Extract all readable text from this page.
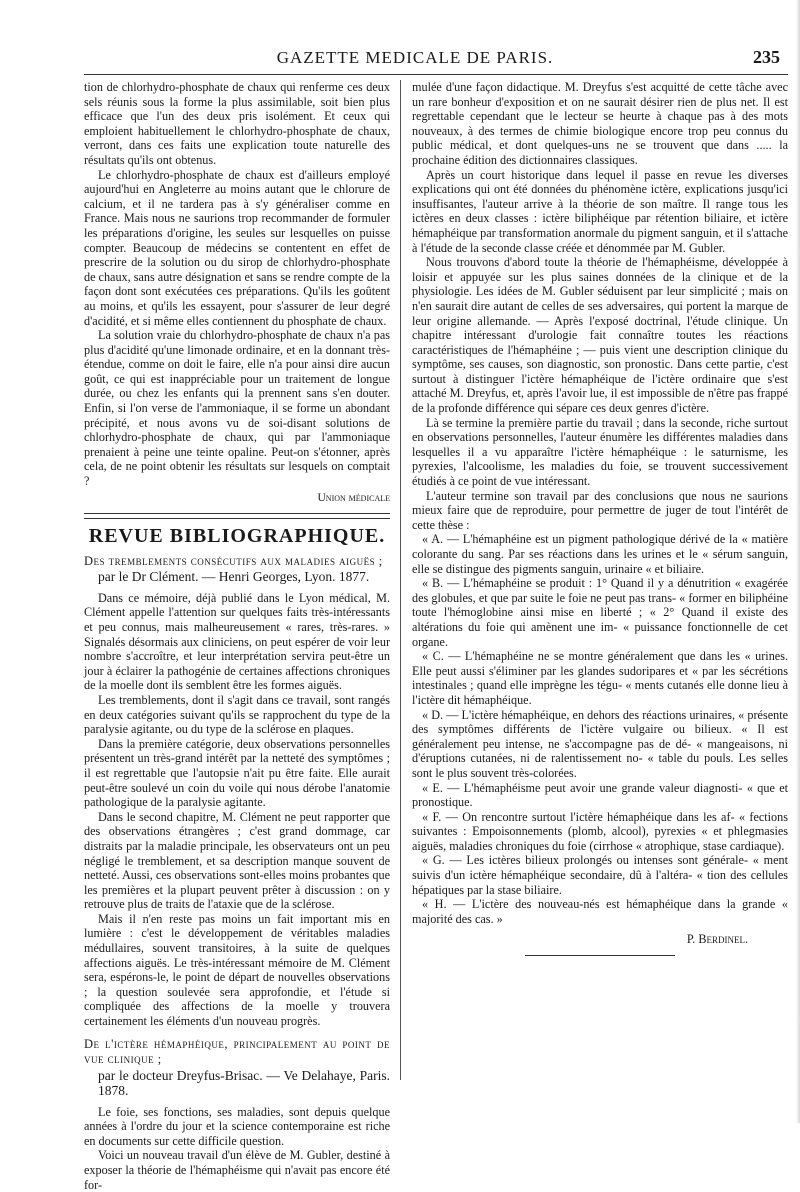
GAZETTE MEDICALE DE PARIS.	235

tion de chlorhydro-phosphate de chaux qui renferme ces deux sels réunis sous la forme la plus assimilable, soit bien plus efficace que l'un des deux pris isolément. Et ceux qui emploient habituellement le chlorhydro-phosphate de chaux, verront, dans ces faits une explication toute naturelle des résultats qu'ils ont obtenus.

Le chlorhydro-phosphate de chaux est d'ailleurs employé aujourd'hui en Angleterre au moins autant que le chlorure de calcium, et il ne tardera pas à s'y généraliser comme en France. Mais nous ne saurions trop recommander de formuler les préparations d'origine, les seules sur lesquelles on puisse compter. Beaucoup de médecins se contentent en effet de prescrire de la solution ou du sirop de chlorhydro-phosphate de chaux, sans autre désignation et sans se rendre compte de la façon dont sont exécutées ces préparations. Qu'ils les goûtent au moins, et qu'ils les essayent, pour s'assurer de leur degré d'acidité, et si même elles contiennent du phosphate de chaux.

La solution vraie du chlorhydro-phosphate de chaux n'a pas plus d'acidité qu'une limonade ordinaire, et en la donnant très-étendue, comme on doit le faire, elle n'a pour ainsi dire aucun goût, ce qui est inappréciable pour un traitement de longue durée, ou chez les enfants qui la prennent sans s'en douter. Enfin, si l'on verse de l'ammoniaque, il se forme un abondant précipité, et nous avons vu de soi-disant solutions de chlorhydro-phosphate de chaux, qui par l'ammoniaque prenaient à peine une teinte opaline. Peut-on s'étonner, après cela, de ne point obtenir les résultats sur lesquels on comptait ?

Union médicale
REVUE BIBLIOGRAPHIQUE.

Des tremblements consécutifs aux maladies aiguës ;
par le Dr Clément. — Henri Georges, Lyon. 1877.

Dans ce mémoire, déjà publié dans le Lyon médical, M. Clément appelle l'attention sur quelques faits très-intéressants et peu connus, mais malheureusement « rares, très-rares. » Signalés désormais aux cliniciens, on peut espérer de voir leur nombre s'accroître, et leur interprétation servira peut-être un jour à éclairer la pathogénie de certaines affections chroniques de la moelle dont ils semblent être les formes aiguës.

Les tremblements, dont il s'agit dans ce travail, sont rangés en deux catégories suivant qu'ils se rapprochent du type de la paralysie agitante, ou du type de la sclérose en plaques.

Dans la première catégorie, deux observations personnelles présentent un très-grand intérêt par la netteté des symptômes ; il est regrettable que l'autopsie n'ait pu être faite. Elle aurait peut-être soulevé un coin du voile qui nous dérobe l'anatomie pathologique de la paralysie agitante.

Dans le second chapitre, M. Clément ne peut rapporter que des observations étrangères ; c'est grand dommage, car distraits par la maladie principale, les observateurs ont un peu négligé le tremblement, et sa description manque souvent de netteté. Aussi, ces observations sont-elles moins probantes que les premières et la plupart peuvent prêter à discussion : on y retrouve plus de traits de l'ataxie que de la sclérose.

Mais il n'en reste pas moins un fait important mis en lumière : c'est le développement de véritables maladies médullaires, souvent transitoires, à la suite de quelques affections aiguës. Le très-intéressant mémoire de M. Clément sera, espérons-le, le point de départ de nouvelles observations ; la question soulevée sera approfondie, et l'étude si compliquée des affections de la moelle y trouvera certainement les éléments d'un nouveau progrès.

De l'ictère hémaphéique, principalement au point de vue clinique ;
par le docteur Dreyfus-Brisac. — Ve Delahaye, Paris. 1878.

Le foie, ses fonctions, ses maladies, sont depuis quelque années à l'ordre du jour et la science contemporaine est riche en documents sur cette difficile question.

Voici un nouveau travail d'un élève de M. Gubler, destiné à exposer la théorie de l'hémaphéisme qui n'avait pas encore été for-

mulée d'une façon didactique. M. Dreyfus s'est acquitté de cette tâche avec un rare bonheur d'exposition et on ne saurait désirer rien de plus net. Il est regrettable cependant que le lecteur se heurte à chaque pas à des mots nouveaux, à des termes de chimie biologique encore trop peu connus du public médical, et dont quelques-uns ne se trouvent que dans ..... la prochaine édition des dictionnaires classiques.

Après un court historique dans lequel il passe en revue les diverses explications qui ont été données du phénomène ictère, explications jusqu'ici insuffisantes, l'auteur arrive à la théorie de son maître. Il range tous les ictères en deux classes : ictère biliphéique par rétention biliaire, et ictère hémaphéique par transformation anormale du pigment sanguin, et il s'attache à l'étude de la seconde classe créée et dénommée par M. Gubler.

Nous trouvons d'abord toute la théorie de l'hémaphéisme, développée à loisir et appuyée sur les plus saines données de la clinique et de la physiologie. Les idées de M. Gubler séduisent par leur simplicité ; mais on n'en saurait dire autant de celles de ses adversaires, qui portent la marque de leur origine allemande. — Après l'exposé doctrinal, l'étude clinique. Un chapitre intéressant d'urologie fait connaître toutes les réactions caractéristiques de l'hémaphéine ; — puis vient une description clinique du symptôme, ses causes, son diagnostic, son pronostic. Dans cette partie, c'est surtout à distinguer l'ictère hémaphéique de l'ictère ordinaire que s'est attaché M. Dreyfus, et, après l'avoir lue, il est impossible de n'être pas frappé de la profonde différence qui sépare ces deux genres d'ictère.

Là se termine la première partie du travail ; dans la seconde, riche surtout en observations personnelles, l'auteur énumère les différentes maladies dans lesquelles il a vu apparaître l'ictère hémaphéique : le saturnisme, les pyrexies, l'alcoolisme, les maladies du foie, se trouvent successivement étudiés à ce point de vue intéressant.

L'auteur termine son travail par des conclusions que nous ne saurions mieux faire que de reproduire, pour permettre de juger de tout l'intérêt de cette thèse :

« A. — L'hémaphéine est un pigment pathologique dérivé de la « matière colorante du sang. Par ses réactions dans les urines et le « sérum sanguin, elle se distingue des pigments sanguin, urinaire « et biliaire.

« B. — L'hémaphéine se produit : 1° Quand il y a dénutrition « exagérée des globules, et que par suite le foie ne peut pas trans- « former en biliphéine toute l'hémoglobine ainsi mise en liberté ; « 2° Quand il existe des altérations du foie qui amènent une im- « puissance fonctionnelle de cet organe.

« C. — L'hémaphéine ne se montre généralement que dans les « urines. Elle peut aussi s'éliminer par les glandes sudoripares et « par les sécrétions intestinales ; quand elle imprègne les tégu- « ments cutanés elle donne lieu à l'ictère dit hémaphéique.

« D. — L'ictère hémaphéique, en dehors des réactions urinaires, « présente des symptômes différents de l'ictère vulgaire ou bilieux. « Il est généralement peu intense, ne s'accompagne pas de dé- « mangeaisons, ni d'éruptions cutanées, ni de ralentissement no- « table du pouls. Les selles sont le plus souvent très-colorées.

« E. — L'hémaphéisme peut avoir une grande valeur diagnosti- « que et pronostique.

« F. — On rencontre surtout l'ictère hémaphéique dans les af- « fections suivantes : Empoisonnements (plomb, alcool), pyrexies « et phlegmasies aiguës, maladies chroniques du foie (cirrhose « atrophique, stase cardiaque).

« G. — Les ictères bilieux prolongés ou intenses sont générale- « ment suivis d'un ictère hémaphéique secondaire, dû à l'altéra- « tion des cellules hépatiques par la stase biliaire.

« H. — L'ictère des nouveau-nés est hémaphéique dans la grande « majorité des cas. »

P. Berdinel.
